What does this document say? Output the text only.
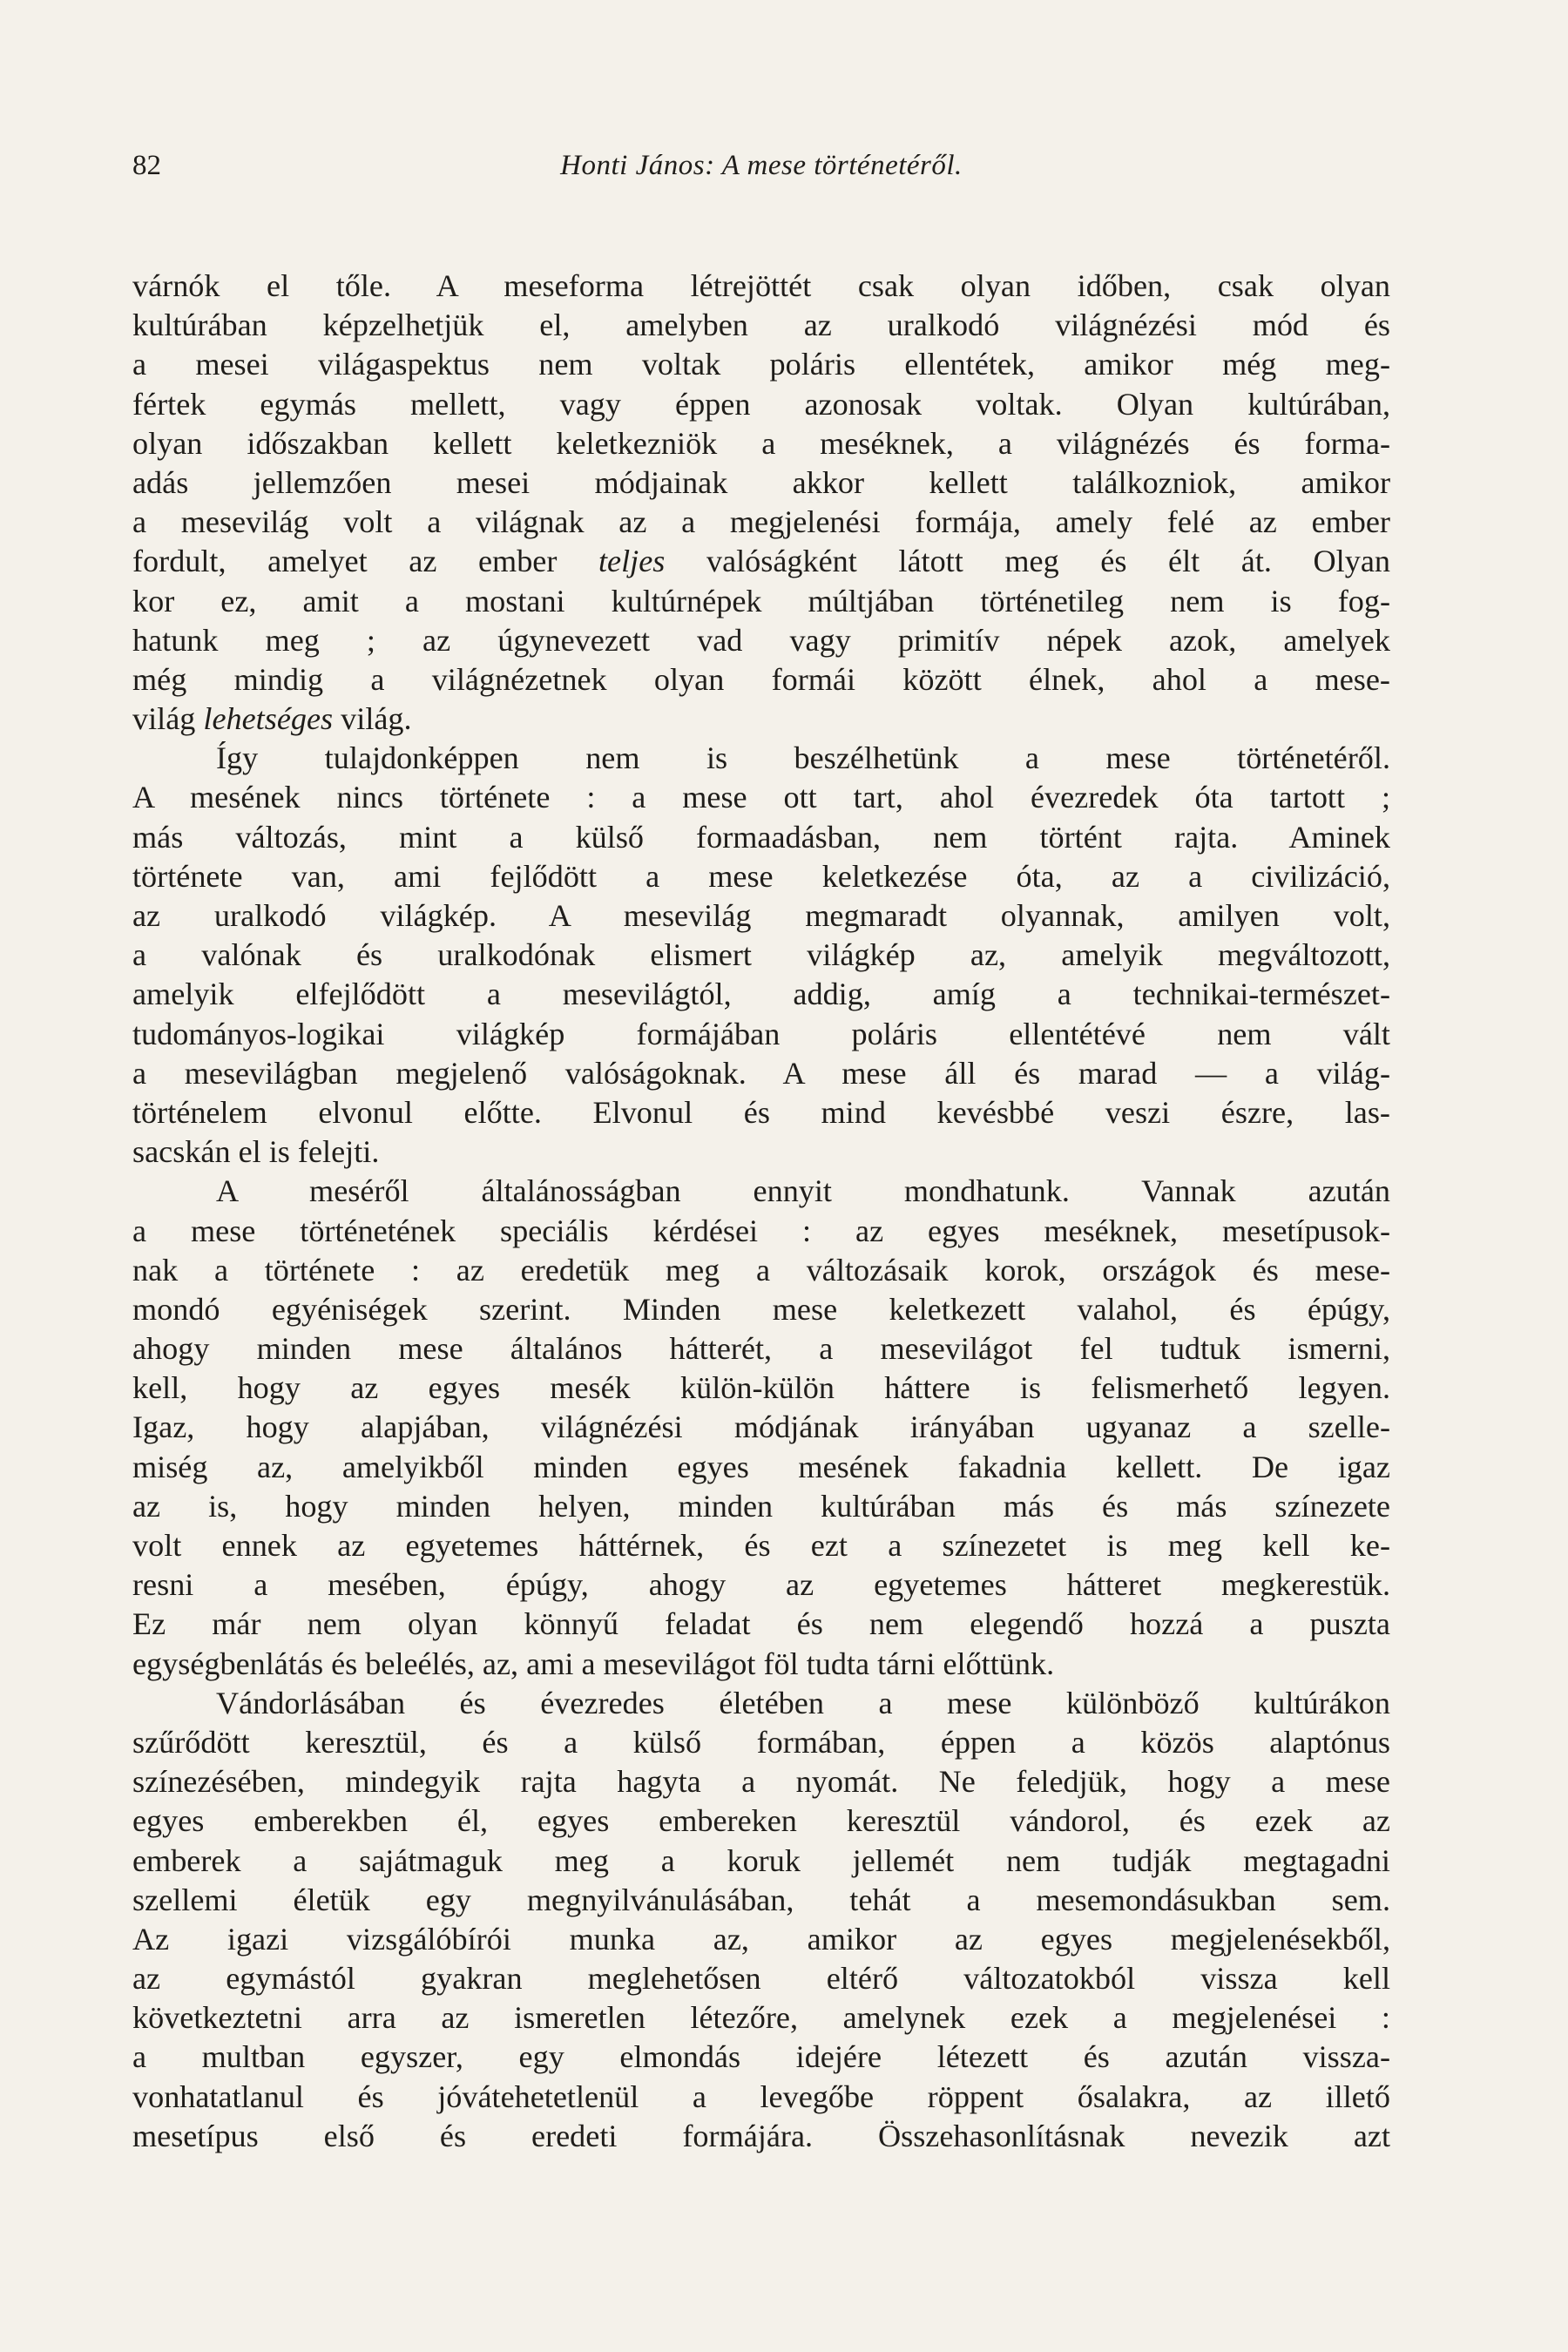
82	Honti János: A mese történetéről.
várnók el tőle. A meseforma létrejöttét csak olyan időben, csak olyan
kultúrában képzelhetjük el, amelyben az uralkodó világnézési mód és
a mesei világaspektus nem voltak poláris ellentétek, amikor még meg-
fértek egymás mellett, vagy éppen azonosak voltak. Olyan kultúrában,
olyan időszakban kellett keletkezniök a meséknek, a világnézés és forma-
adás jellemzően mesei módjainak akkor kellett találkozniok, amikor
a mesevilág volt a világnak az a megjelenési formája, amely felé az ember
fordult, amelyet az ember teljes valóságként látott meg és élt át. Olyan
kor ez, amit a mostani kultúrnépek múltjában történetileg nem is fog-
hatunk meg ; az úgynevezett vad vagy primitív népek azok, amelyek
még mindig a világnézetnek olyan formái között élnek, ahol a mese-
világ lehetséges világ.
Így tulajdonképpen nem is beszélhetünk a mese történetéről.
A mesének nincs története : a mese ott tart, ahol évezredek óta tartott ;
más változás, mint a külső formaadásban, nem történt rajta. Aminek
története van, ami fejlődött a mese keletkezése óta, az a civilizáció,
az uralkodó világkép. A mesevilág megmaradt olyannak, amilyen volt,
a valónak és uralkodónak elismert világkép az, amelyik megváltozott,
amelyik elfejlődött a mesevilágtól, addig, amíg a technikai-természet-
tudományos-logikai világkép formájában poláris ellentétévé nem vált
a mesevilágban megjelenő valóságoknak. A mese áll és marad — a világ-
történelem elvonul előtte. Elvonul és mind kevésbbé veszi észre, las-
sacskán el is felejti.
A meséről általánosságban ennyit mondhatunk. Vannak azután
a mese történetének speciális kérdései : az egyes meséknek, mesetípusok-
nak a története : az eredetük meg a változásaik korok, országok és mese-
mondó egyéniségek szerint. Minden mese keletkezett valahol, és épúgy,
ahogy minden mese általános hátterét, a mesevilágot fel tudtuk ismerni,
kell, hogy az egyes mesék külön-külön háttere is felismerhető legyen.
Igaz, hogy alapjában, világnézési módjának irányában ugyanaz a szelle-
miség az, amelyikből minden egyes mesének fakadnia kellett. De igaz
az is, hogy minden helyen, minden kultúrában más és más színezete
volt ennek az egyetemes háttérnek, és ezt a színezetet is meg kell ke-
resni a mesében, épúgy, ahogy az egyetemes hátteret megkerestük.
Ez már nem olyan könnyű feladat és nem elegendő hozzá a puszta
egységbenlátás és beleélés, az, ami a mesevilágot föl tudta tárni előttünk.
Vándorlásában és évezredes életében a mese különböző kultúrákon
szűrődött keresztül, és a külső formában, éppen a közös alaptónus
színezésében, mindegyik rajta hagyta a nyomát. Ne feledjük, hogy a mese
egyes emberekben él, egyes embereken keresztül vándorol, és ezek az
emberek a sajátmaguk meg a koruk jellemét nem tudják megtagadni
szellemi életük egy megnyilvánulásában, tehát a mesemondásukban sem.
Az igazi vizsgálóbírói munka az, amikor az egyes megjelenésekből,
az egymástól gyakran meglehetősen eltérő változatokból vissza kell
következtetni arra az ismeretlen létezőre, amelynek ezek a megjelenései :
a multban egyszer, egy elmondás idejére létezett és azután vissza-
vonhatatlanul és jóvátehetetlenül a levegőbe röppent ősalakra, az illető
mesetípus első és eredeti formájára. Összehasonlításnak nevezik azt
